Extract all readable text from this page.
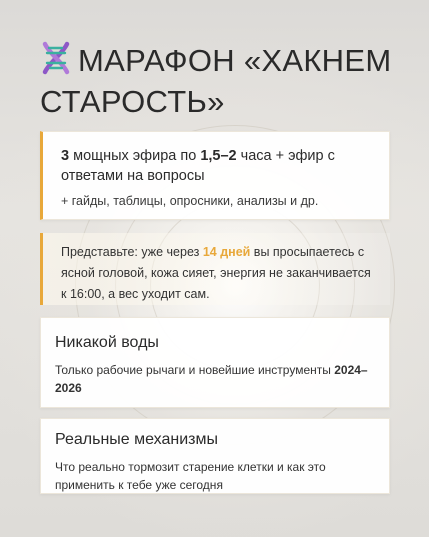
МАРАФОН «ХАКНЕМ
СТАРОСТЬ»
3 мощных эфира по 1,5–2 часа + эфир с ответами на вопросы
+ гайды, таблицы, опросники, анализы и др.
Представьте: уже через 14 дней вы просыпаетесь с ясной головой, кожа сияет, энергия не заканчивается к 16:00, а вес уходит сам.
Никакой воды
Только рабочие рычаги и новейшие инструменты 2024–2026
Реальные механизмы
Что реально тормозит старение клетки и как это применить к тебе уже сегодня
